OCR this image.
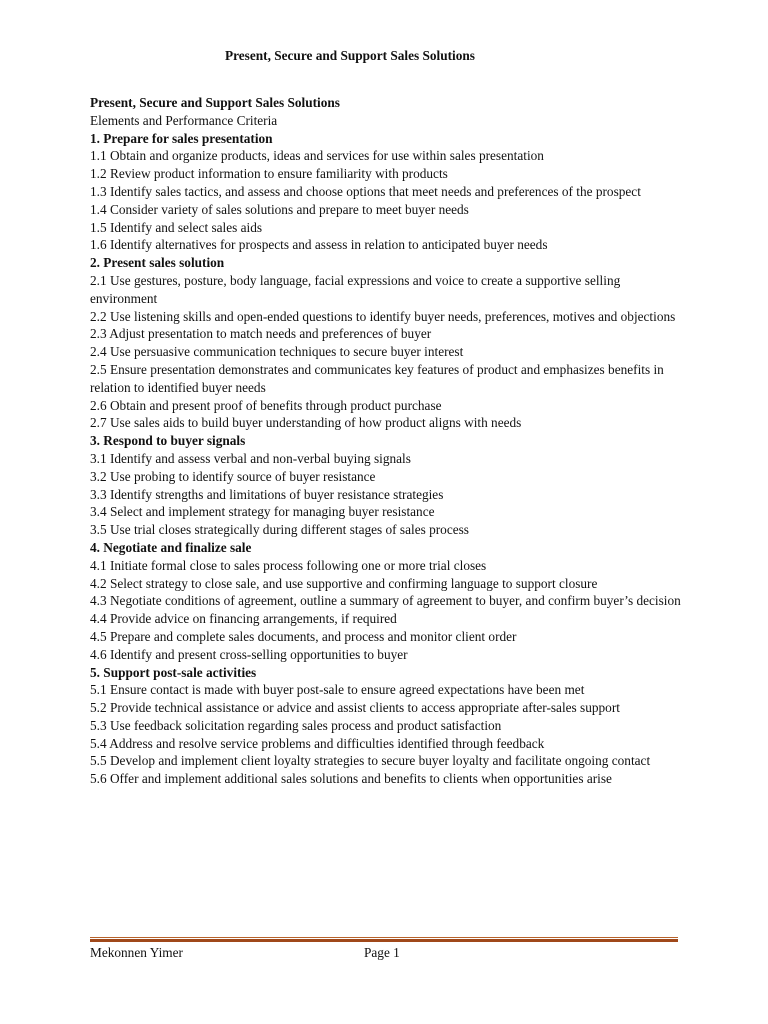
Present, Secure and Support Sales Solutions
Present, Secure and Support Sales Solutions
Elements and Performance Criteria
1. Prepare for sales presentation
1.1 Obtain and organize products, ideas and services for use within sales presentation
1.2 Review product information to ensure familiarity with products
1.3 Identify sales tactics, and assess and choose options that meet needs and preferences of the prospect
1.4 Consider variety of sales solutions and prepare to meet buyer needs
1.5 Identify and select sales aids
1.6 Identify alternatives for prospects and assess in relation to anticipated buyer needs
2. Present sales solution
2.1 Use gestures, posture, body language, facial expressions and voice to create a supportive selling environment
2.2 Use listening skills and open-ended questions to identify buyer needs, preferences, motives and objections
2.3 Adjust presentation to match needs and preferences of buyer
2.4 Use persuasive communication techniques to secure buyer interest
2.5 Ensure presentation demonstrates and communicates key features of product and emphasizes benefits in relation to identified buyer needs
2.6 Obtain and present proof of benefits through product purchase
2.7 Use sales aids to build buyer understanding of how product aligns with needs
3. Respond to buyer signals
3.1 Identify and assess verbal and non-verbal buying signals
3.2 Use probing to identify source of buyer resistance
3.3 Identify strengths and limitations of buyer resistance strategies
3.4 Select and implement strategy for managing buyer resistance
3.5 Use trial closes strategically during different stages of sales process
4. Negotiate and finalize sale
4.1 Initiate formal close to sales process following one or more trial closes
4.2 Select strategy to close sale, and use supportive and confirming language to support closure
4.3 Negotiate conditions of agreement, outline a summary of agreement to buyer, and confirm buyer’s decision
4.4 Provide advice on financing arrangements, if required
4.5 Prepare and complete sales documents, and process and monitor client order
4.6 Identify and present cross-selling opportunities to buyer
5. Support post-sale activities
5.1 Ensure contact is made with buyer post-sale to ensure agreed expectations have been met
5.2 Provide technical assistance or advice and assist clients to access appropriate after-sales support
5.3 Use feedback solicitation regarding sales process and product satisfaction
5.4 Address and resolve service problems and difficulties identified through feedback
5.5 Develop and implement client loyalty strategies to secure buyer loyalty and facilitate ongoing contact
5.6 Offer and implement additional sales solutions and benefits to clients when opportunities arise
Mekonnen Yimer	Page 1
